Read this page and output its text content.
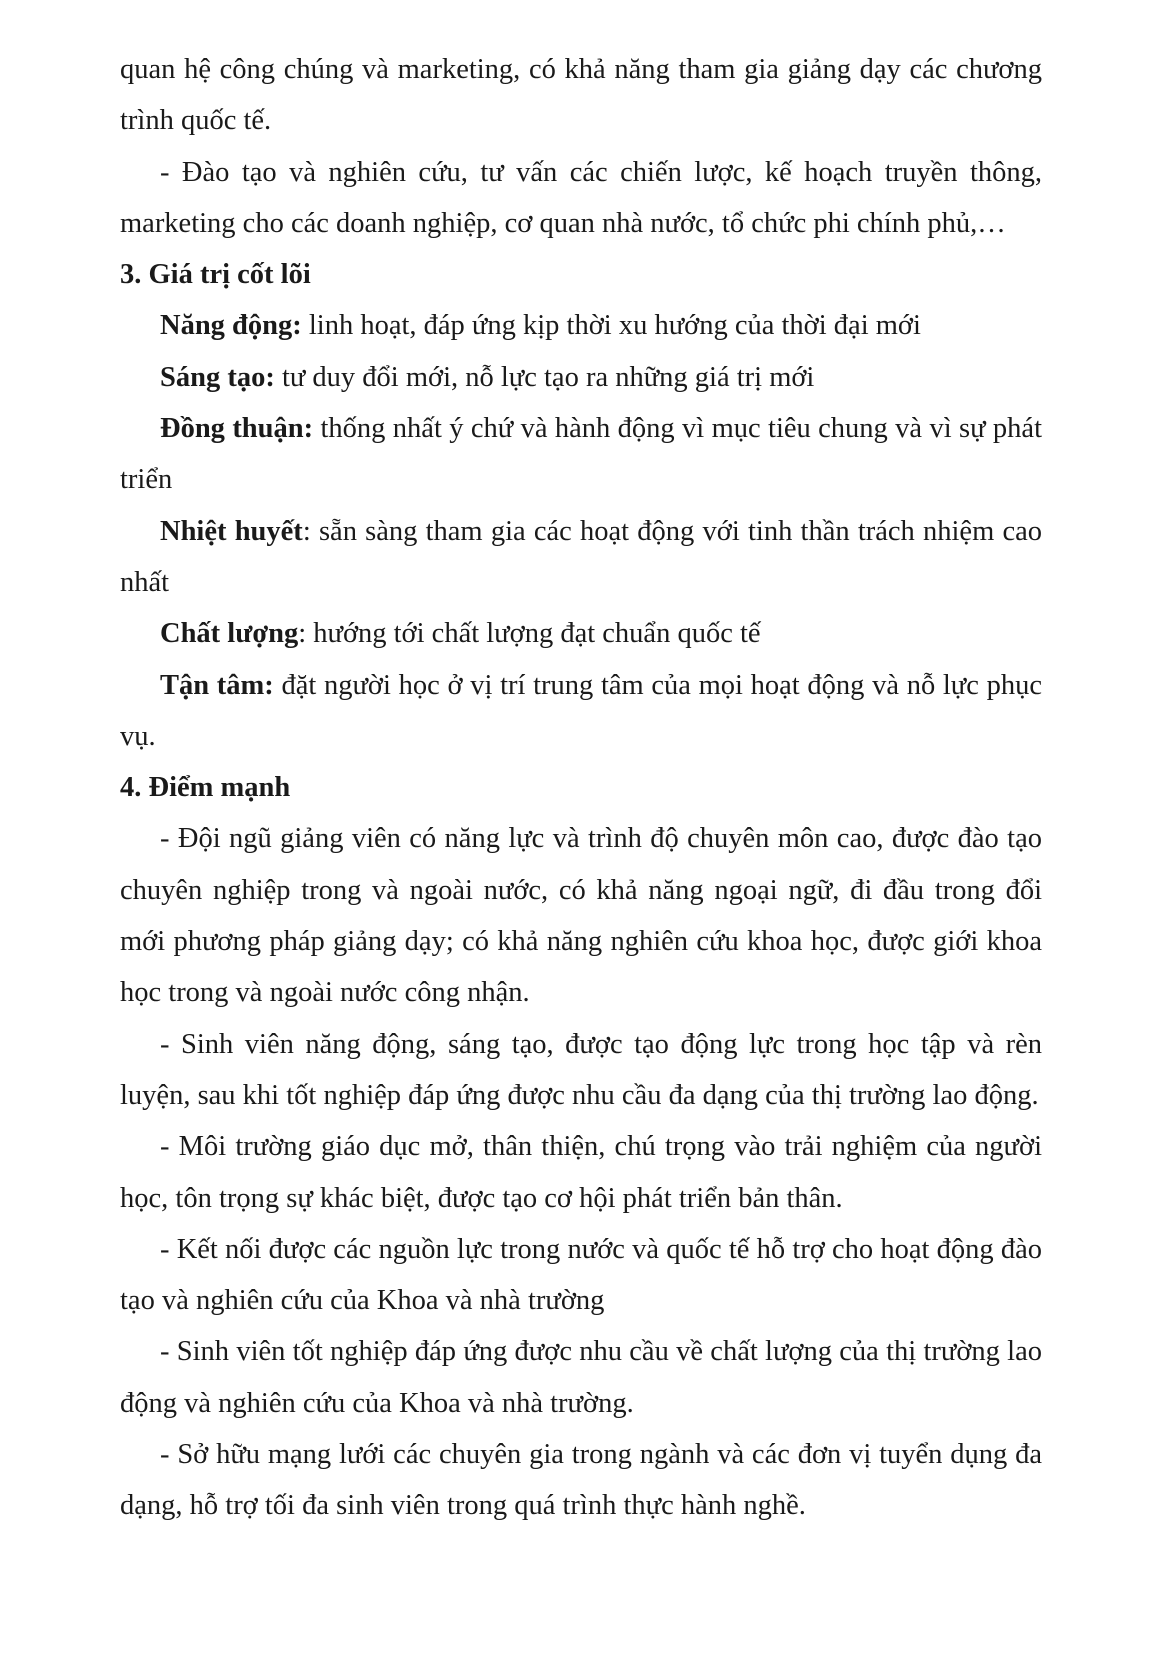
quan hệ công chúng và marketing, có khả năng tham gia giảng dạy các chương trình quốc tế.

- Đào tạo và nghiên cứu, tư vấn các chiến lược, kế hoạch truyền thông, marketing cho các doanh nghiệp, cơ quan nhà nước, tổ chức phi chính phủ,…

3. Giá trị cốt lõi

Năng động: linh hoạt, đáp ứng kịp thời xu hướng của thời đại mới

Sáng tạo: tư duy đổi mới, nỗ lực tạo ra những giá trị mới

Đồng thuận: thống nhất ý chứ và hành động vì mục tiêu chung và vì sự phát triển

Nhiệt huyết: sẵn sàng tham gia các hoạt động với tinh thần trách nhiệm cao nhất

Chất lượng: hướng tới chất lượng đạt chuẩn quốc tế

Tận tâm: đặt người học ở vị trí trung tâm của mọi hoạt động và nỗ lực phục vụ.

4. Điểm mạnh

- Đội ngũ giảng viên có năng lực và trình độ chuyên môn cao, được đào tạo chuyên nghiệp trong và ngoài nước, có khả năng ngoại ngữ, đi đầu trong đổi mới phương pháp giảng dạy; có khả năng nghiên cứu khoa học, được giới khoa học trong và ngoài nước công nhận.

- Sinh viên năng động, sáng tạo, được tạo động lực trong học tập và rèn luyện, sau khi tốt nghiệp đáp ứng được nhu cầu đa dạng của thị trường lao động.

- Môi trường giáo dục mở, thân thiện, chú trọng vào trải nghiệm của người học, tôn trọng sự khác biệt, được tạo cơ hội phát triển bản thân.

- Kết nối được các nguồn lực trong nước và quốc tế hỗ trợ cho hoạt động đào tạo và nghiên cứu của Khoa và nhà trường

- Sinh viên tốt nghiệp đáp ứng được nhu cầu về chất lượng của thị trường lao động và nghiên cứu của Khoa và nhà trường.

- Sở hữu mạng lưới các chuyên gia trong ngành và các đơn vị tuyển dụng đa dạng, hỗ trợ tối đa sinh viên trong quá trình thực hành nghề.
